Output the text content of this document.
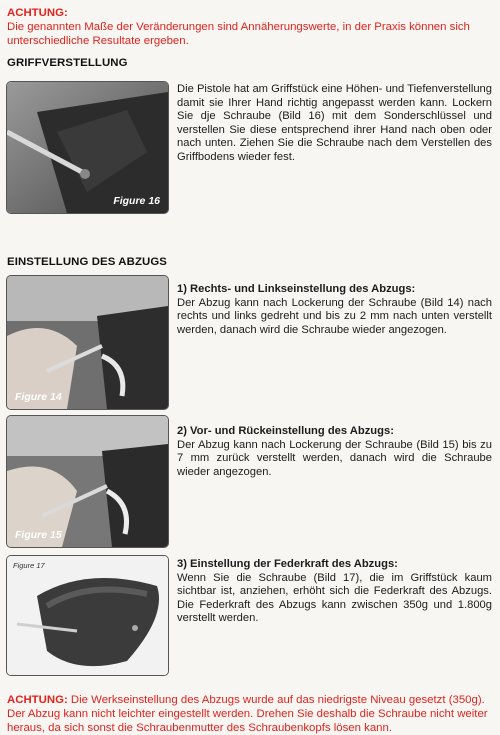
ACHTUNG:
Die genannten Maße der Veränderungen sind Annäherungswerte, in der Praxis können sich unterschiedliche Resultate ergeben.
GRIFFVERSTELLUNG
Figure 16
Die Pistole hat am Griffstück eine Höhen- und Tiefenverstellung damit sie Ihrer Hand richtig angepasst werden kann. Lockern Sie dje Schraube (Bild 16) mit dem Sonderschlüssel und verstellen Sie diese entsprechend ihrer Hand nach oben oder nach unten. Ziehen Sie die Schraube nach dem Verstellen des Griffbodens wieder fest.
EINSTELLUNG DES ABZUGS
Figure 14
1) Rechts- und Linkseinstellung des Abzugs:
Der Abzug kann nach Lockerung der Schraube (Bild 14) nach rechts und links gedreht und bis zu 2 mm nach unten verstellt werden, danach wird die Schraube wieder angezogen.
Figure 15
2) Vor- und Rückeinstellung des Abzugs:
Der Abzug kann nach Lockerung der Schraube (Bild 15) bis zu 7 mm zurück verstellt werden, danach wird die Schraube wieder angezogen.
Figure 17	3) Einstellung der Federkraft des Abzugs:
Wenn Sie die Schraube (Bild 17), die im Griffstück kaum sichtbar ist, anziehen, erhöht sich die Federkraft des Abzugs. Die Federkraft des Abzugs kann zwischen 350g und 1.800g verstellt werden.
ACHTUNG: Die Werkseinstellung des Abzugs wurde auf das niedrigste Niveau gesetzt (350g). Der Abzug kann nicht leichter eingestellt werden. Drehen Sie deshalb die Schraube nicht weiter heraus, da sich sonst die Schraubenmutter des Schraubenkopfs lösen kann.
